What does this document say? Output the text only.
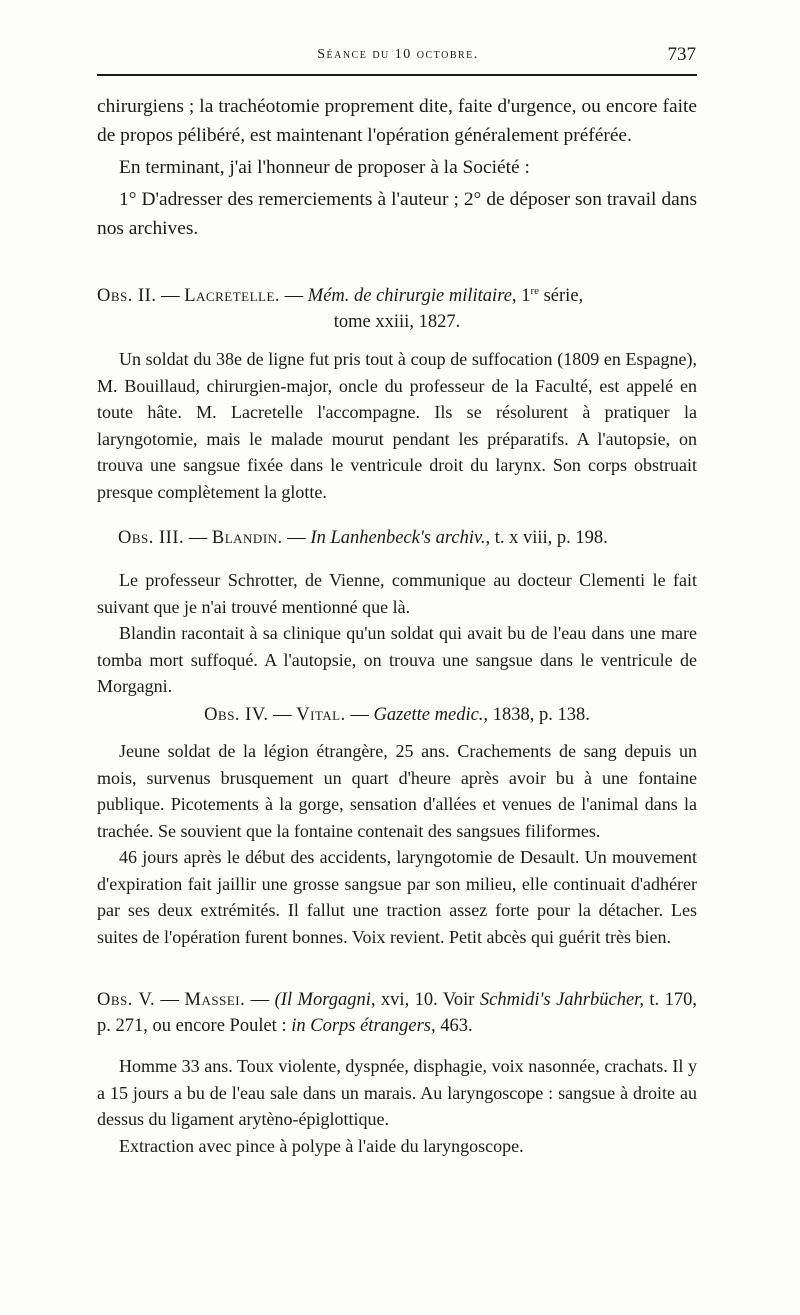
Séance du 10 octobre.	737

chirurgiens ; la trachéotomie proprement dite, faite d'urgence, ou encore faite de propos pélibéré, est maintenant l'opération généralement préférée.

En terminant, j'ai l'honneur de proposer à la Société :

1° D'adresser des remerciements à l'auteur ; 2° de déposer son travail dans nos archives.

Obs. II. — Lacretelle. — Mém. de chirurgie militaire, 1re série,

tome xxiii, 1827.

Un soldat du 38e de ligne fut pris tout à coup de suffocation (1809 en Espagne), M. Bouillaud, chirurgien-major, oncle du professeur de la Faculté, est appelé en toute hâte. M. Lacretelle l'accompagne. Ils se résolurent à pratiquer la laryngotomie, mais le malade mourut pendant les préparatifs. A l'autopsie, on trouva une sangsue fixée dans le ventricule droit du larynx. Son corps obstruait presque complètement la glotte.

Obs. III. — Blandin. — In Lanhenbeck's archiv., t. x viii, p. 198.

Le professeur Schrotter, de Vienne, communique au docteur Clementi le fait suivant que je n'ai trouvé mentionné que là.

Blandin racontait à sa clinique qu'un soldat qui avait bu de l'eau dans une mare tomba mort suffoqué. A l'autopsie, on trouva une sangsue dans le ventricule de Morgagni.

Obs. IV. — Vital. — Gazette medic., 1838, p. 138.

Jeune soldat de la légion étrangère, 25 ans. Crachements de sang depuis un mois, survenus brusquement un quart d'heure après avoir bu à une fontaine publique. Picotements à la gorge, sensation d'allées et venues de l'animal dans la trachée. Se souvient que la fontaine contenait des sangsues filiformes.

46 jours après le début des accidents, laryngotomie de Desault. Un mouvement d'expiration fait jaillir une grosse sangsue par son milieu, elle continuait d'adhérer par ses deux extrémités. Il fallut une traction assez forte pour la détacher. Les suites de l'opération furent bonnes. Voix revient. Petit abcès qui guérit très bien.

Obs. V. — Massei. — (Il Morgagni, xvi, 10. Voir Schmidi's Jahrbücher, t. 170, p. 271, ou encore Poulet : in Corps étrangers, 463.

Homme 33 ans. Toux violente, dyspnée, disphagie, voix nasonnée, crachats. Il y a 15 jours a bu de l'eau sale dans un marais. Au laryngoscope : sangsue à droite au dessus du ligament arytèno-épiglottique.

Extraction avec pince à polype à l'aide du laryngoscope.
